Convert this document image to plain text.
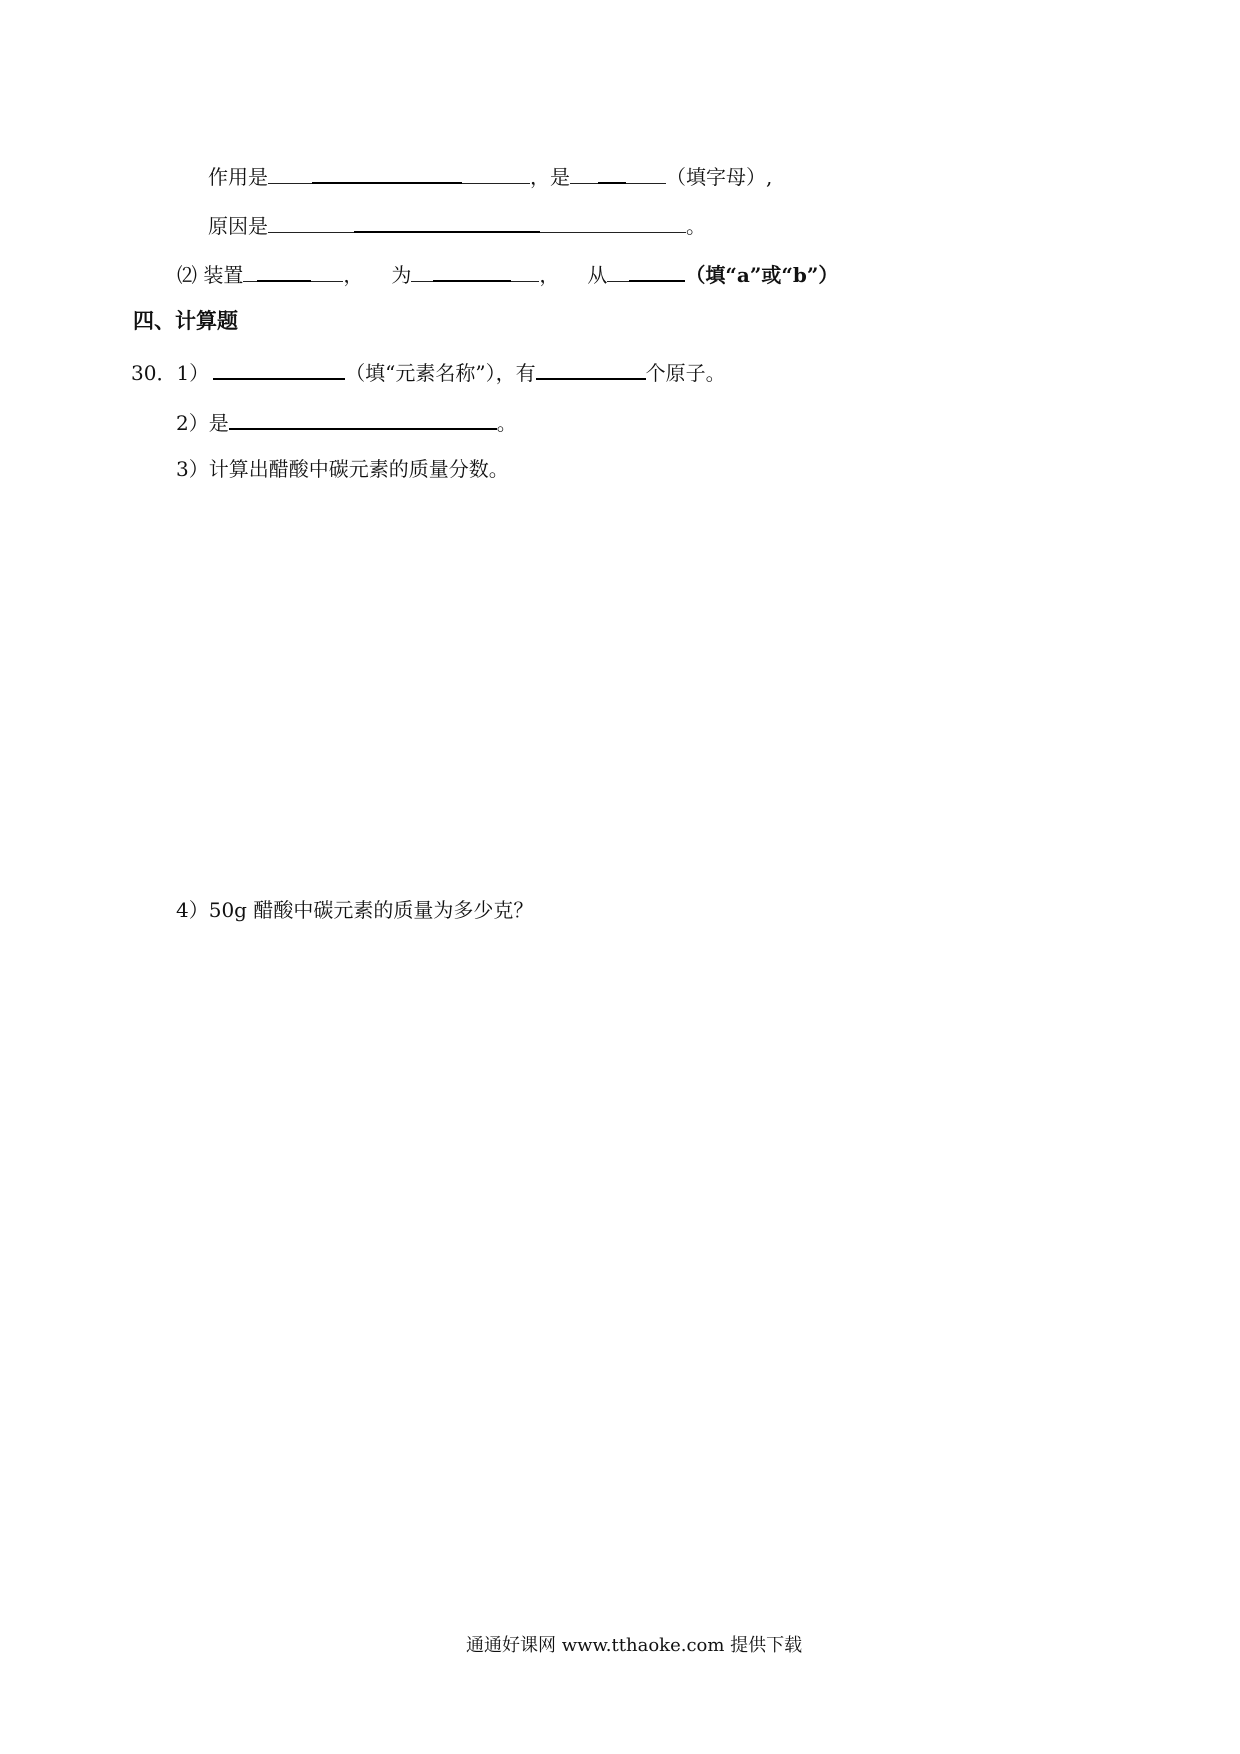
作用是	，是	（填字母）,
原因是	。
⑵ 装置	， 为	， 从	（填“a”或“b”）
四、计算题
30．1）	（填“元素名称”），有	个原子。
2）是	。
3）计算出醋酸中碳元素的质量分数。
4）50g 醋酸中碳元素的质量为多少克？
通通好课网 www.tthaoke.com 提供下载
